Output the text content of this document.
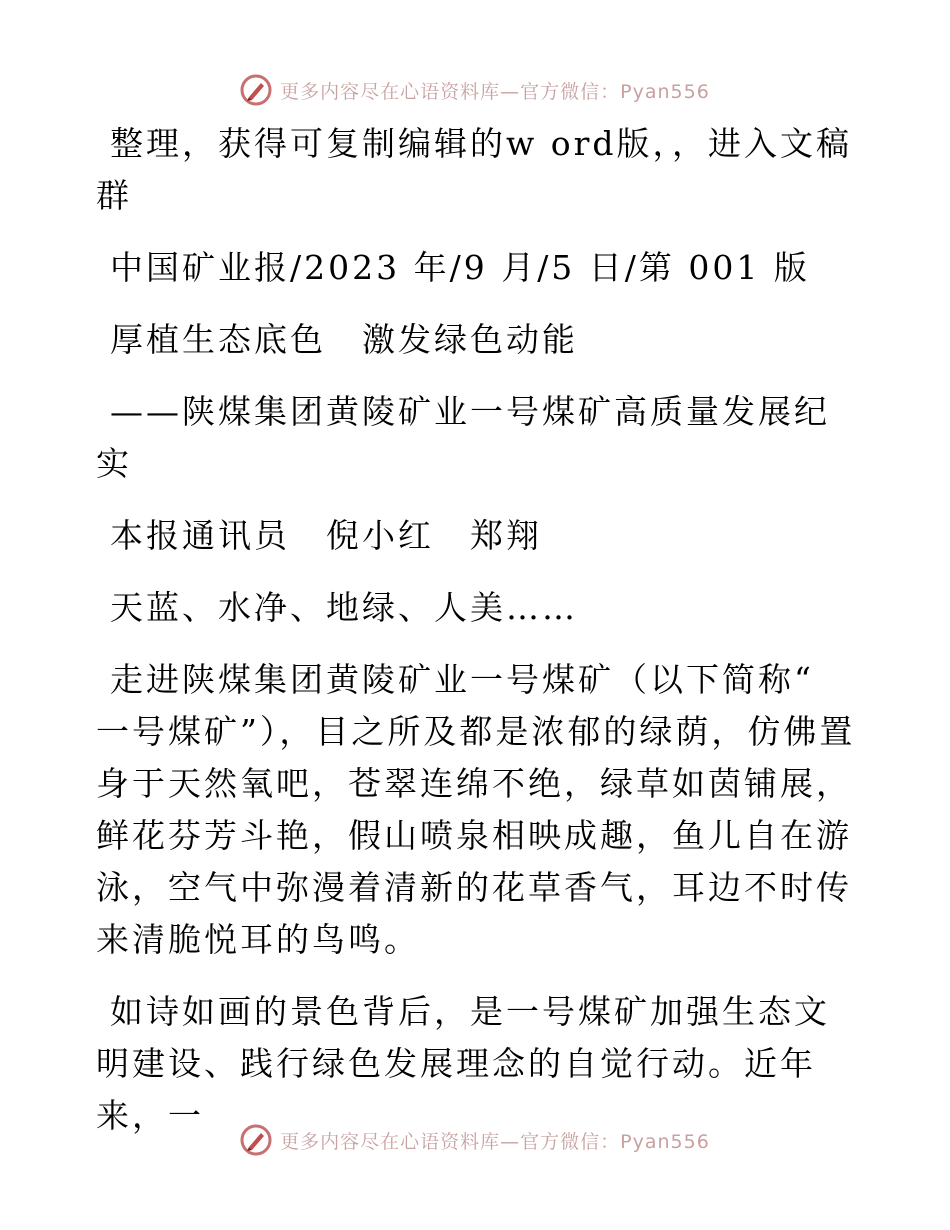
更多内容尽在心语资料库—官方微信：Pyan556

整理，获得可复制编辑的w ord版，，进入文稿群

中国矿业报/2023 年/9 月/5 日/第 001 版

厚植生态底色　激发绿色动能

——陕煤集团黄陵矿业一号煤矿高质量发展纪实

本报通讯员　倪小红　郑翔

天蓝、水净、地绿、人美……

走进陕煤集团黄陵矿业一号煤矿（以下简称“ 一号煤矿”），目之所及都是浓郁的绿荫，仿佛置身于天然氧吧，苍翠连绵不绝，绿草如茵铺展，鲜花芬芳斗艳，假山喷泉相映成趣，鱼儿自在游泳，空气中弥漫着清新的花草香气，耳边不时传来清脆悦耳的鸟鸣。

如诗如画的景色背后，是一号煤矿加强生态文明建设、践行绿色发展理念的自觉行动。近年来，一

更多内容尽在心语资料库—官方微信：Pyan556
